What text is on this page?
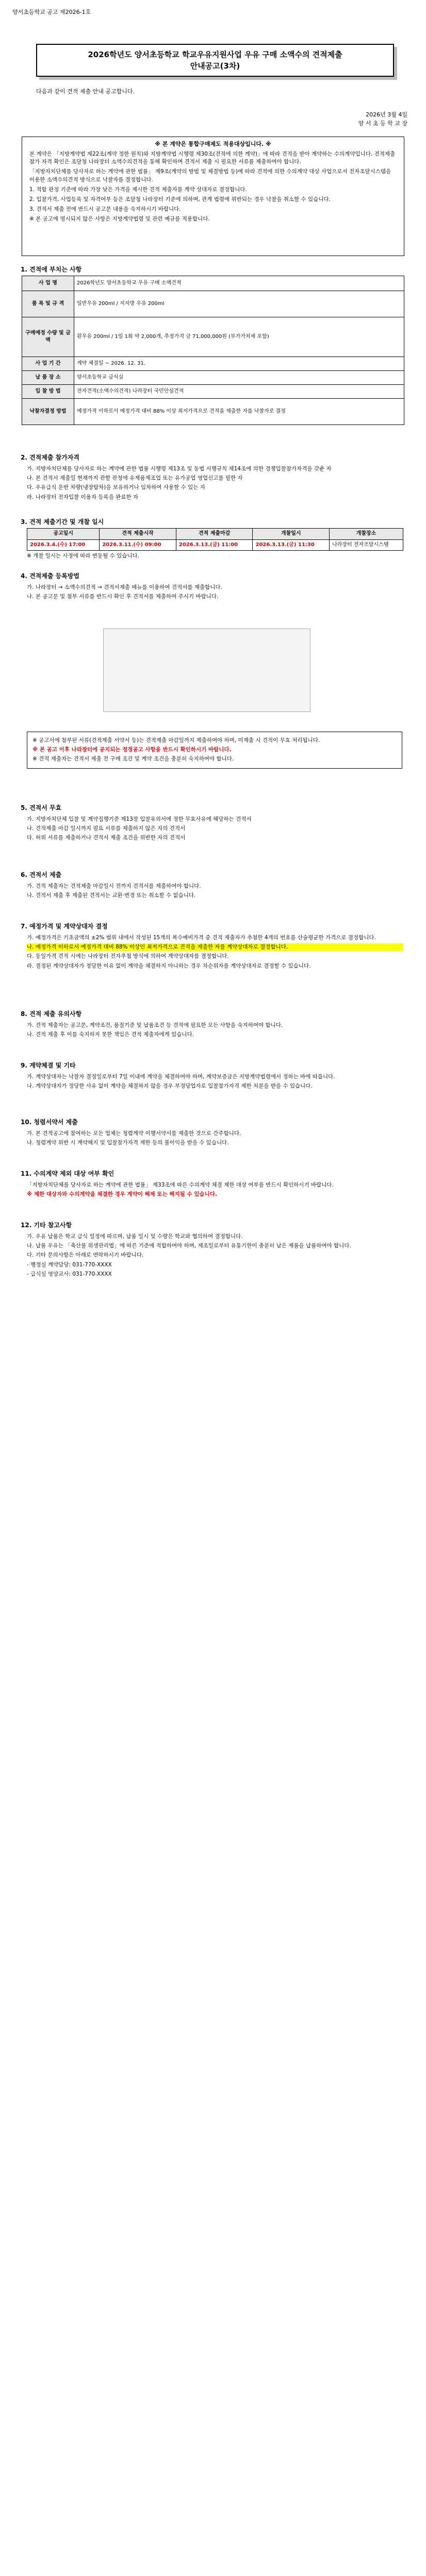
양서초등학교 공고 제2026-1호
2026학년도 양서초등학교 학교우유지원사업 우유 구매 소액수의 견적제출
안내공고(3차)
다음과 같이 견적 제출 안내 공고합니다.
2026년 3월 4일
양 서 초 등 학 교 장
※ 본 계약은 통합구매제도 적용대상입니다. ※

본 계약은 「지방계약법 제22조(계약 정한 원칙)와 지방계약법 시행령 제30조(견적에 의한 계약)」에 따라 견적을 받아 계약하는 수의계약입니다. 견적제출 참가 자격 확인은 조달청 나라장터 소액수의견적을 통해 확인하며 견적서 제출 시 필요한 서류를 제출하여야 합니다.

「지방자치단체를 당사자로 하는 계약에 관한 법률」 제9조(계약의 방법 및 체결방법 등)에 따라 견적에 의한 수의계약 대상 사업으로서 전자조달시스템을 이용한 소액수의견적 방식으로 낙찰자를 결정합니다.

1. 적합 판정 기준에 따라 가장 낮은 가격을 제시한 견적 제출자를 계약 상대자로 결정합니다.

2. 입찰가격, 사업등록 및 자격여부 등은 조달청 나라장터 기준에 의하며, 관계 법령에 위반되는 경우 낙찰을 취소할 수 있습니다.

3. 견적서 제출 전에 반드시 공고문 내용을 숙지하시기 바랍니다.

※ 본 공고에 명시되지 않은 사항은 지방계약법령 및 관련 예규를 적용합니다.

1. 견적에 부치는 사항
사 업 명	2026학년도 양서초등학교 우유 구매 소액견적
품 목 및 규 격	일반우유 200ml / 저지방 우유 200ml
구매예정 수량 및 금 액	흰우유 200ml / 1일 1회 약 2,000개, 추정가격 금 71,000,000원 (부가가치세 포함)
사 업 기 간	계약 체결일 ~ 2026. 12. 31.
납 품 장 소	양서초등학교 급식실
입 찰 방 법	전자견적(소액수의견적) 나라장터 국민안심견적
낙찰자결정 방법	예정가격 이하로서 예정가격 대비 88% 이상 최저가격으로 견적을 제출한 자를 낙찰자로 결정
2. 견적제출 참가자격

가. 지방자치단체를 당사자로 하는 계약에 관한 법률 시행령 제13조 및 동법 시행규칙 제14조에 의한 경쟁입찰참가자격을 갖춘 자

나. 본 견적서 제출일 현재까지 관할 관청에 유제품제조업 또는 유가공업 영업신고를 필한 자

다. 우유급식 운반 차량(냉장탑차)을 보유하거나 임차하여 사용할 수 있는 자

라. 나라장터 전자입찰 이용자 등록을 완료한 자

3. 견적 제출기간 및 개찰 일시
공고일시	견적 제출시작	견적 제출마감	개찰일시	개찰장소
2026.3.4.(수) 17:00	2026.3.11.(수) 09:00	2026.3.13.(금) 11:00	2026.3.13.(금) 11:30	나라장터 전자조달시스템
※ 개찰 일시는 사정에 따라 변동될 수 있습니다.
4. 견적제출 등록방법

가. 나라장터 → 소액수의견적 → 견적서제출 메뉴를 이용하여 견적서를 제출합니다.

나. 본 공고문 및 첨부 서류를 반드시 확인 후 견적서를 제출하여 주시기 바랍니다.

※ 공고서에 첨부된 서류(견적제출 서약서 등)는 견적제출 마감일까지 제출하여야 하며, 미제출 시 견적이 무효 처리됩니다.

※ 본 공고 이후 나라장터에 공지되는 정정공고 사항을 반드시 확인하시기 바랍니다.

※ 견적 제출자는 견적서 제출 전 구매 조건 및 계약 조건을 충분히 숙지하여야 합니다.

5. 견적서 무효

가. 지방자치단체 입찰 및 계약집행기준 제13장 입찰유의서에 정한 무효사유에 해당하는 견적서

나. 견적제출 마감 일시까지 필요 서류를 제출하지 않은 자의 견적서

다. 허위 서류를 제출하거나 견적서 제출 조건을 위반한 자의 견적서

6. 견적서 제출

가. 견적 제출자는 견적제출 마감일시 전까지 견적서를 제출하여야 합니다.

나. 견적서 제출 후 제출된 견적서는 교환·변경 또는 취소할 수 없습니다.

7. 예정가격 및 계약상대자 결정

가. 예정가격은 기초금액의 ±2% 범위 내에서 작성된 15개의 복수예비가격 중 견적 제출자가 추첨한 4개의 번호를 산술평균한 가격으로 결정합니다.

나. 예정가격 이하로서 예정가격 대비 88% 이상인 최저가격으로 견적을 제출한 자를 계약상대자로 결정합니다.

다. 동일가격 견적 시에는 나라장터 전자추첨 방식에 의하여 계약상대자를 결정합니다.

라. 결정된 계약상대자가 정당한 이유 없이 계약을 체결하지 아니하는 경우 차순위자를 계약상대자로 결정할 수 있습니다.

8. 견적 제출 유의사항

가. 견적 제출자는 공고문, 계약조건, 품질기준 및 납품조건 등 견적에 필요한 모든 사항을 숙지하여야 합니다.

나. 견적 제출 후 이를 숙지하지 못한 책임은 견적 제출자에게 있습니다.

9. 계약체결 및 기타

가. 계약상대자는 낙찰자 결정일로부터 7일 이내에 계약을 체결하여야 하며, 계약보증금은 지방계약법령에서 정하는 바에 따릅니다.

나. 계약상대자가 정당한 사유 없이 계약을 체결하지 않을 경우 부정당업자로 입찰참가자격 제한 처분을 받을 수 있습니다.

10. 청렴서약서 제출

가. 본 견적공고에 참여하는 모든 업체는 청렴계약 이행서약서를 제출한 것으로 간주합니다.

나. 청렴계약 위반 시 계약해지 및 입찰참가자격 제한 등의 불이익을 받을 수 있습니다.

11. 수의계약 제외 대상 여부 확인

「지방자치단체를 당사자로 하는 계약에 관한 법률」 제33조에 따른 수의계약 체결 제한 대상 여부를 반드시 확인하시기 바랍니다.

※ 제한 대상자와 수의계약을 체결한 경우 계약이 해제 또는 해지될 수 있습니다.

12. 기타 참고사항

가. 우유 납품은 학교 급식 일정에 따르며, 납품 일시 및 수량은 학교와 협의하여 결정합니다.

나. 납품 우유는 「축산물 위생관리법」에 따른 기준에 적합하여야 하며, 제조일로부터 유통기한이 충분히 남은 제품을 납품하여야 합니다.

다. 기타 문의사항은 아래로 연락하시기 바랍니다.

- 행정실 계약담당: 031-770-XXXX

- 급식실 영양교사: 031-770-XXXX
